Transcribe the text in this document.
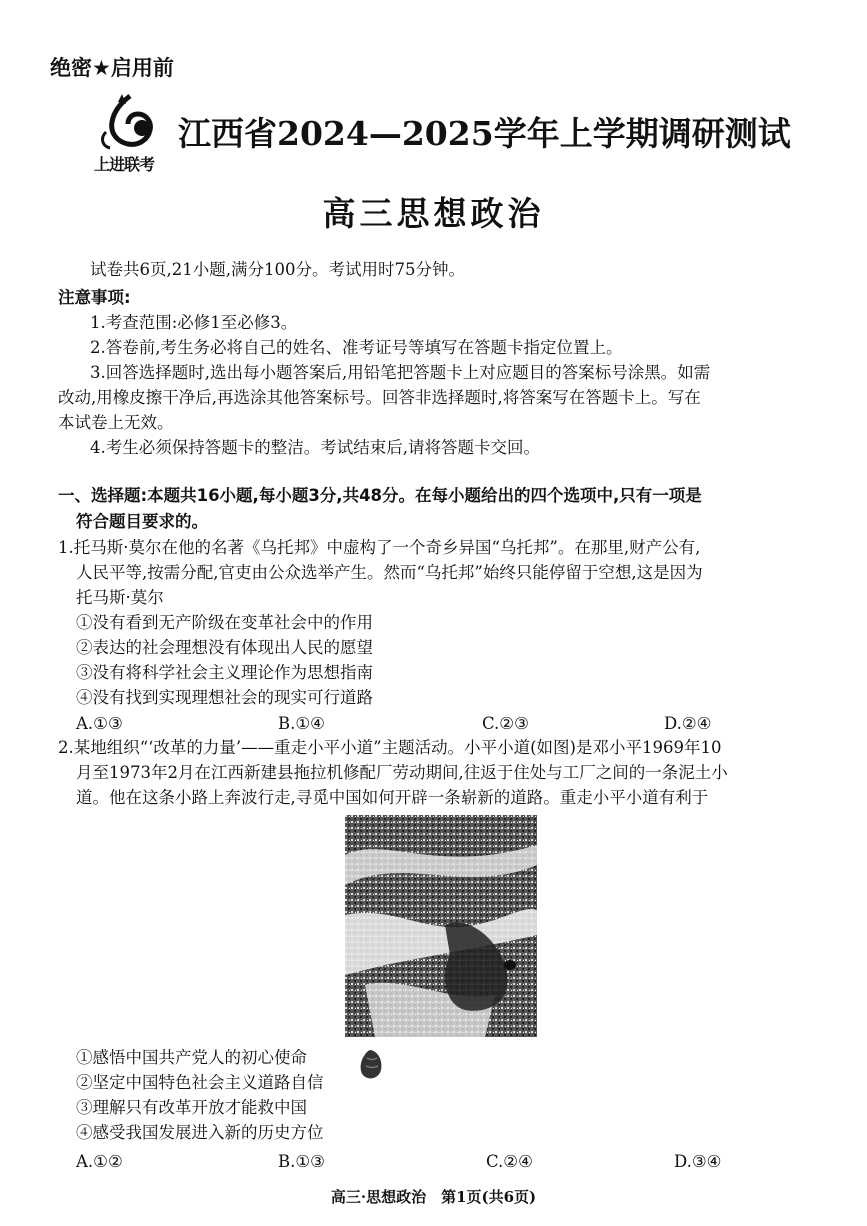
绝密★启用前
上进联考
江西省2024—2025学年上学期调研测试
高三思想政治
试卷共6页,21小题,满分100分。考试用时75分钟。
注意事项:
1.考查范围:必修1至必修3。
2.答卷前,考生务必将自己的姓名、准考证号等填写在答题卡指定位置上。
3.回答选择题时,选出每小题答案后,用铅笔把答题卡上对应题目的答案标号涂黑。如需
改动,用橡皮擦干净后,再选涂其他答案标号。回答非选择题时,将答案写在答题卡上。写在
本试卷上无效。
4.考生必须保持答题卡的整洁。考试结束后,请将答题卡交回。
一、选择题:本题共16小题,每小题3分,共48分。在每小题给出的四个选项中,只有一项是
符合题目要求的。
1.托马斯·莫尔在他的名著《乌托邦》中虚构了一个奇乡异国“乌托邦”。在那里,财产公有,
人民平等,按需分配,官吏由公众选举产生。然而“乌托邦”始终只能停留于空想,这是因为
托马斯·莫尔
①没有看到无产阶级在变革社会中的作用
②表达的社会理想没有体现出人民的愿望
③没有将科学社会主义理论作为思想指南
④没有找到实现理想社会的现实可行道路
A.①③	B.①④	C.②③	D.②④
2.某地组织“‘改革的力量’——重走小平小道”主题活动。小平小道(如图)是邓小平1969年10
月至1973年2月在江西新建县拖拉机修配厂劳动期间,往返于住处与工厂之间的一条泥土小
道。他在这条小路上奔波行走,寻觅中国如何开辟一条崭新的道路。重走小平小道有利于
①感悟中国共产党人的初心使命
②坚定中国特色社会主义道路自信
③理解只有改革开放才能救中国
④感受我国发展进入新的历史方位
A.①②	B.①③	C.②④	D.③④
高三·思想政治　第1页(共6页)
